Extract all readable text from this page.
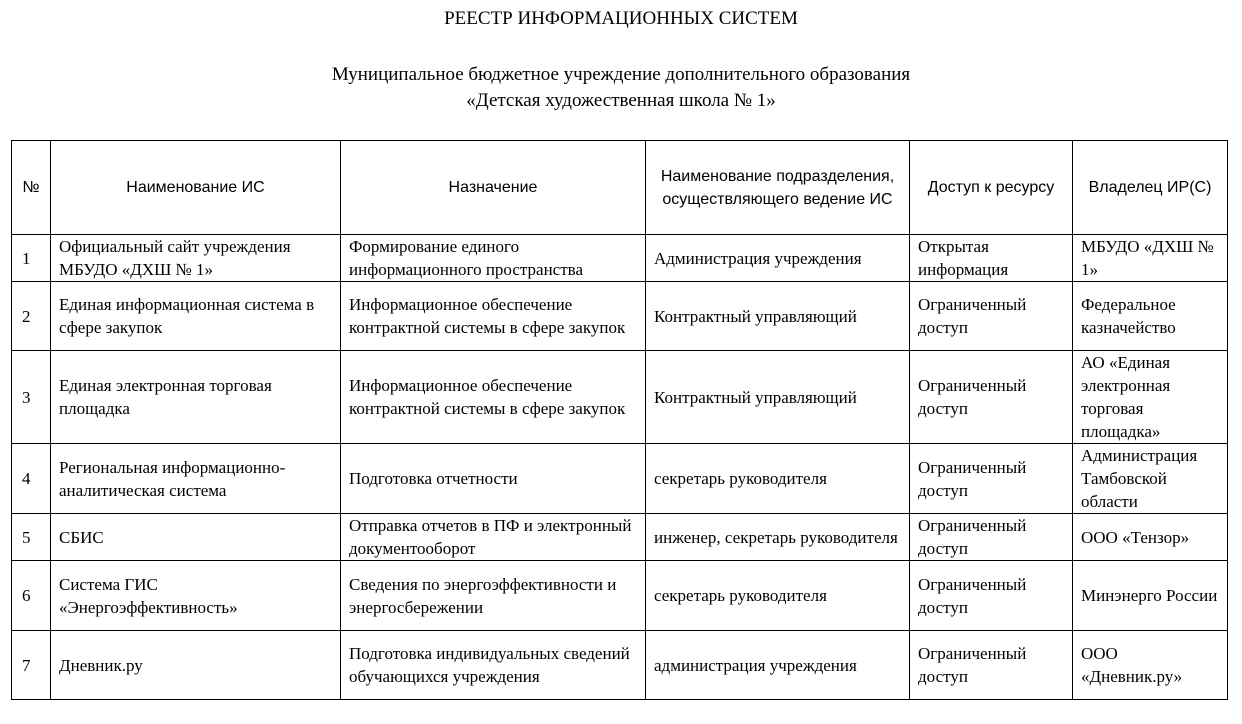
РЕЕСТР ИНФОРМАЦИОННЫХ СИСТЕМ
Муниципальное бюджетное учреждение дополнительного образования
«Детская художественная школа № 1»
№	Наименование ИС	Назначение	Наименование подразделения, осуществляющего ведение ИС	Доступ к ресурсу	Владелец ИР(С)
1	Официальный сайт учреждения МБУДО «ДХШ № 1»	Формирование единого информационного пространства	Администрация учреждения	Открытая информация	МБУДО «ДХШ № 1»
2	Единая информационная система в сфере закупок	Информационное обеспечение контрактной системы в сфере закупок	Контрактный управляющий	Ограниченный доступ	Федеральное казначейство
3	Единая электронная торговая площадка	Информационное обеспечение контрактной системы в сфере закупок	Контрактный управляющий	Ограниченный доступ	АО «Единая электронная торговая площадка»
4	Региональная информационно-аналитическая система	Подготовка отчетности	секретарь руководителя	Ограниченный доступ	Администрация Тамбовской области
5	СБИС	Отправка отчетов в ПФ и электронный документооборот	инженер, секретарь руководителя	Ограниченный доступ	ООО «Тензор»
6	Система ГИС «Энергоэффективность»	Сведения по энергоэффективности и энергосбережении	секретарь руководителя	Ограниченный доступ	Минэнерго России
7	Дневник.ру	Подготовка индивидуальных сведений обучающихся учреждения	администрация учреждения	Ограниченный доступ	ООО «Дневник.ру»
